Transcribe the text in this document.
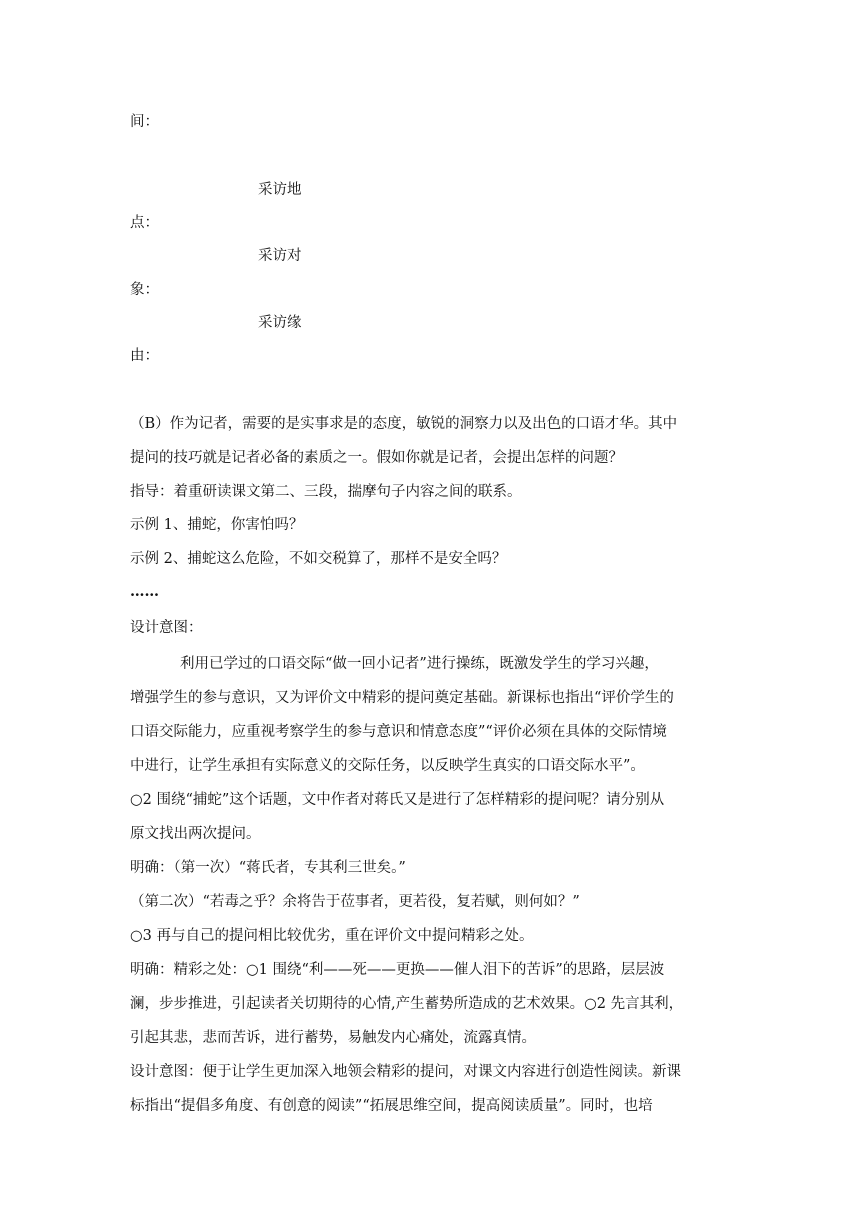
间：
采访地
点：
采访对
象：
采访缘
由：
（B）作为记者，需要的是实事求是的态度，敏锐的洞察力以及出色的口语才华。其中
提问的技巧就是记者必备的素质之一。假如你就是记者，会提出怎样的问题？
指导：着重研读课文第二、三段，揣摩句子内容之间的联系。
示例 1、捕蛇，你害怕吗？
示例 2、捕蛇这么危险，不如交税算了，那样不是安全吗？
……
设计意图：
利用已学过的口语交际“做一回小记者”进行操练，既激发学生的学习兴趣，
增强学生的参与意识，又为评价文中精彩的提问奠定基础。新课标也指出“评价学生的
口语交际能力，应重视考察学生的参与意识和情意态度”“评价必须在具体的交际情境
中进行，让学生承担有实际意义的交际任务，以反映学生真实的口语交际水平”。
○2 围绕“捕蛇”这个话题，文中作者对蒋氏又是进行了怎样精彩的提问呢？请分别从
原文找出两次提问。
明确：（第一次）“蒋氏者，专其利三世矣。”
（第二次）“若毒之乎？余将告于莅事者，更若役，复若赋，则何如？”
○3 再与自己的提问相比较优劣，重在评价文中提问精彩之处。
明确：精彩之处：○1 围绕“利——死——更换——催人泪下的苦诉”的思路，层层波
澜，步步推进，引起读者关切期待的心情,产生蓄势所造成的艺术效果。○2 先言其利，
引起其悲，悲而苦诉，进行蓄势，易触发内心痛处，流露真情。
设计意图：便于让学生更加深入地领会精彩的提问，对课文内容进行创造性阅读。新课
标指出“提倡多角度、有创意的阅读”“拓展思维空间，提高阅读质量”。同时，也培
